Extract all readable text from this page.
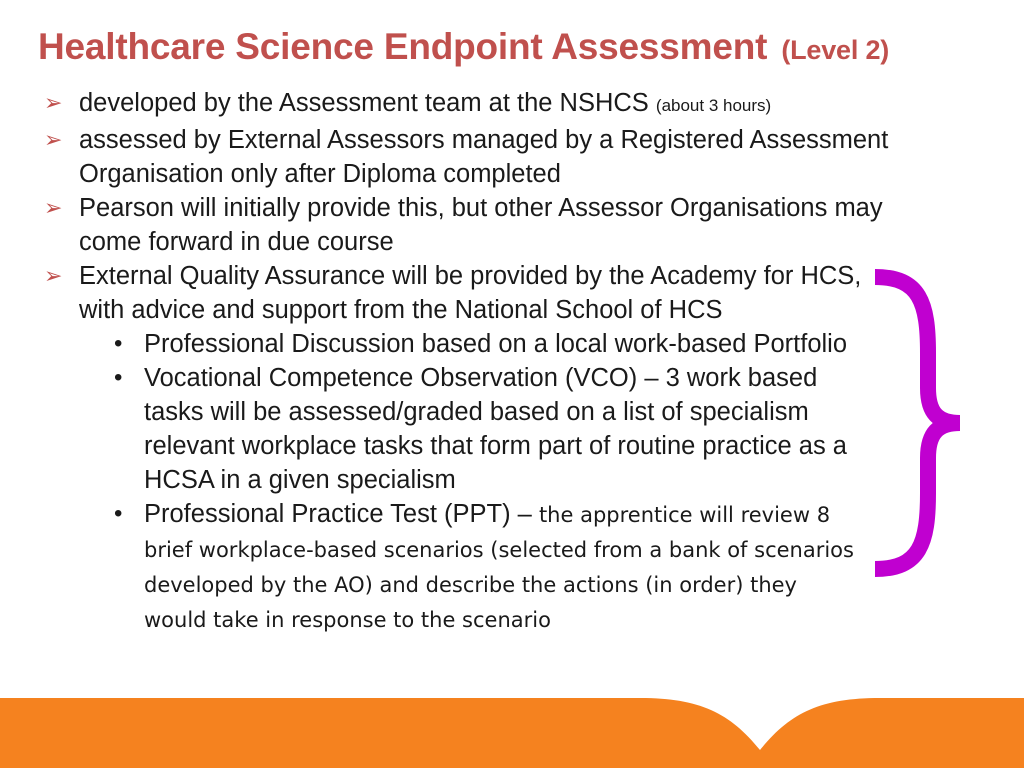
Healthcare Science Endpoint Assessment (Level 2)
➢ developed by the Assessment team at the NSHCS (about 3 hours)
➢ assessed by External Assessors managed by a Registered Assessment Organisation only after Diploma completed
➢ Pearson will initially provide this, but other Assessor Organisations may come forward in due course
➢ External Quality Assurance will be provided by the Academy for HCS, with advice and support from the National School of HCS
• Professional Discussion based on a local work-based Portfolio
• Vocational Competence Observation (VCO) – 3 work based tasks will be assessed/graded based on a list of specialism relevant workplace tasks that form part of routine practice as a HCSA in a given specialism
• Professional Practice Test (PPT) – the apprentice will review 8 brief workplace-based scenarios (selected from a bank of scenarios developed by the AO) and describe the actions (in order) they would take in response to the scenario
